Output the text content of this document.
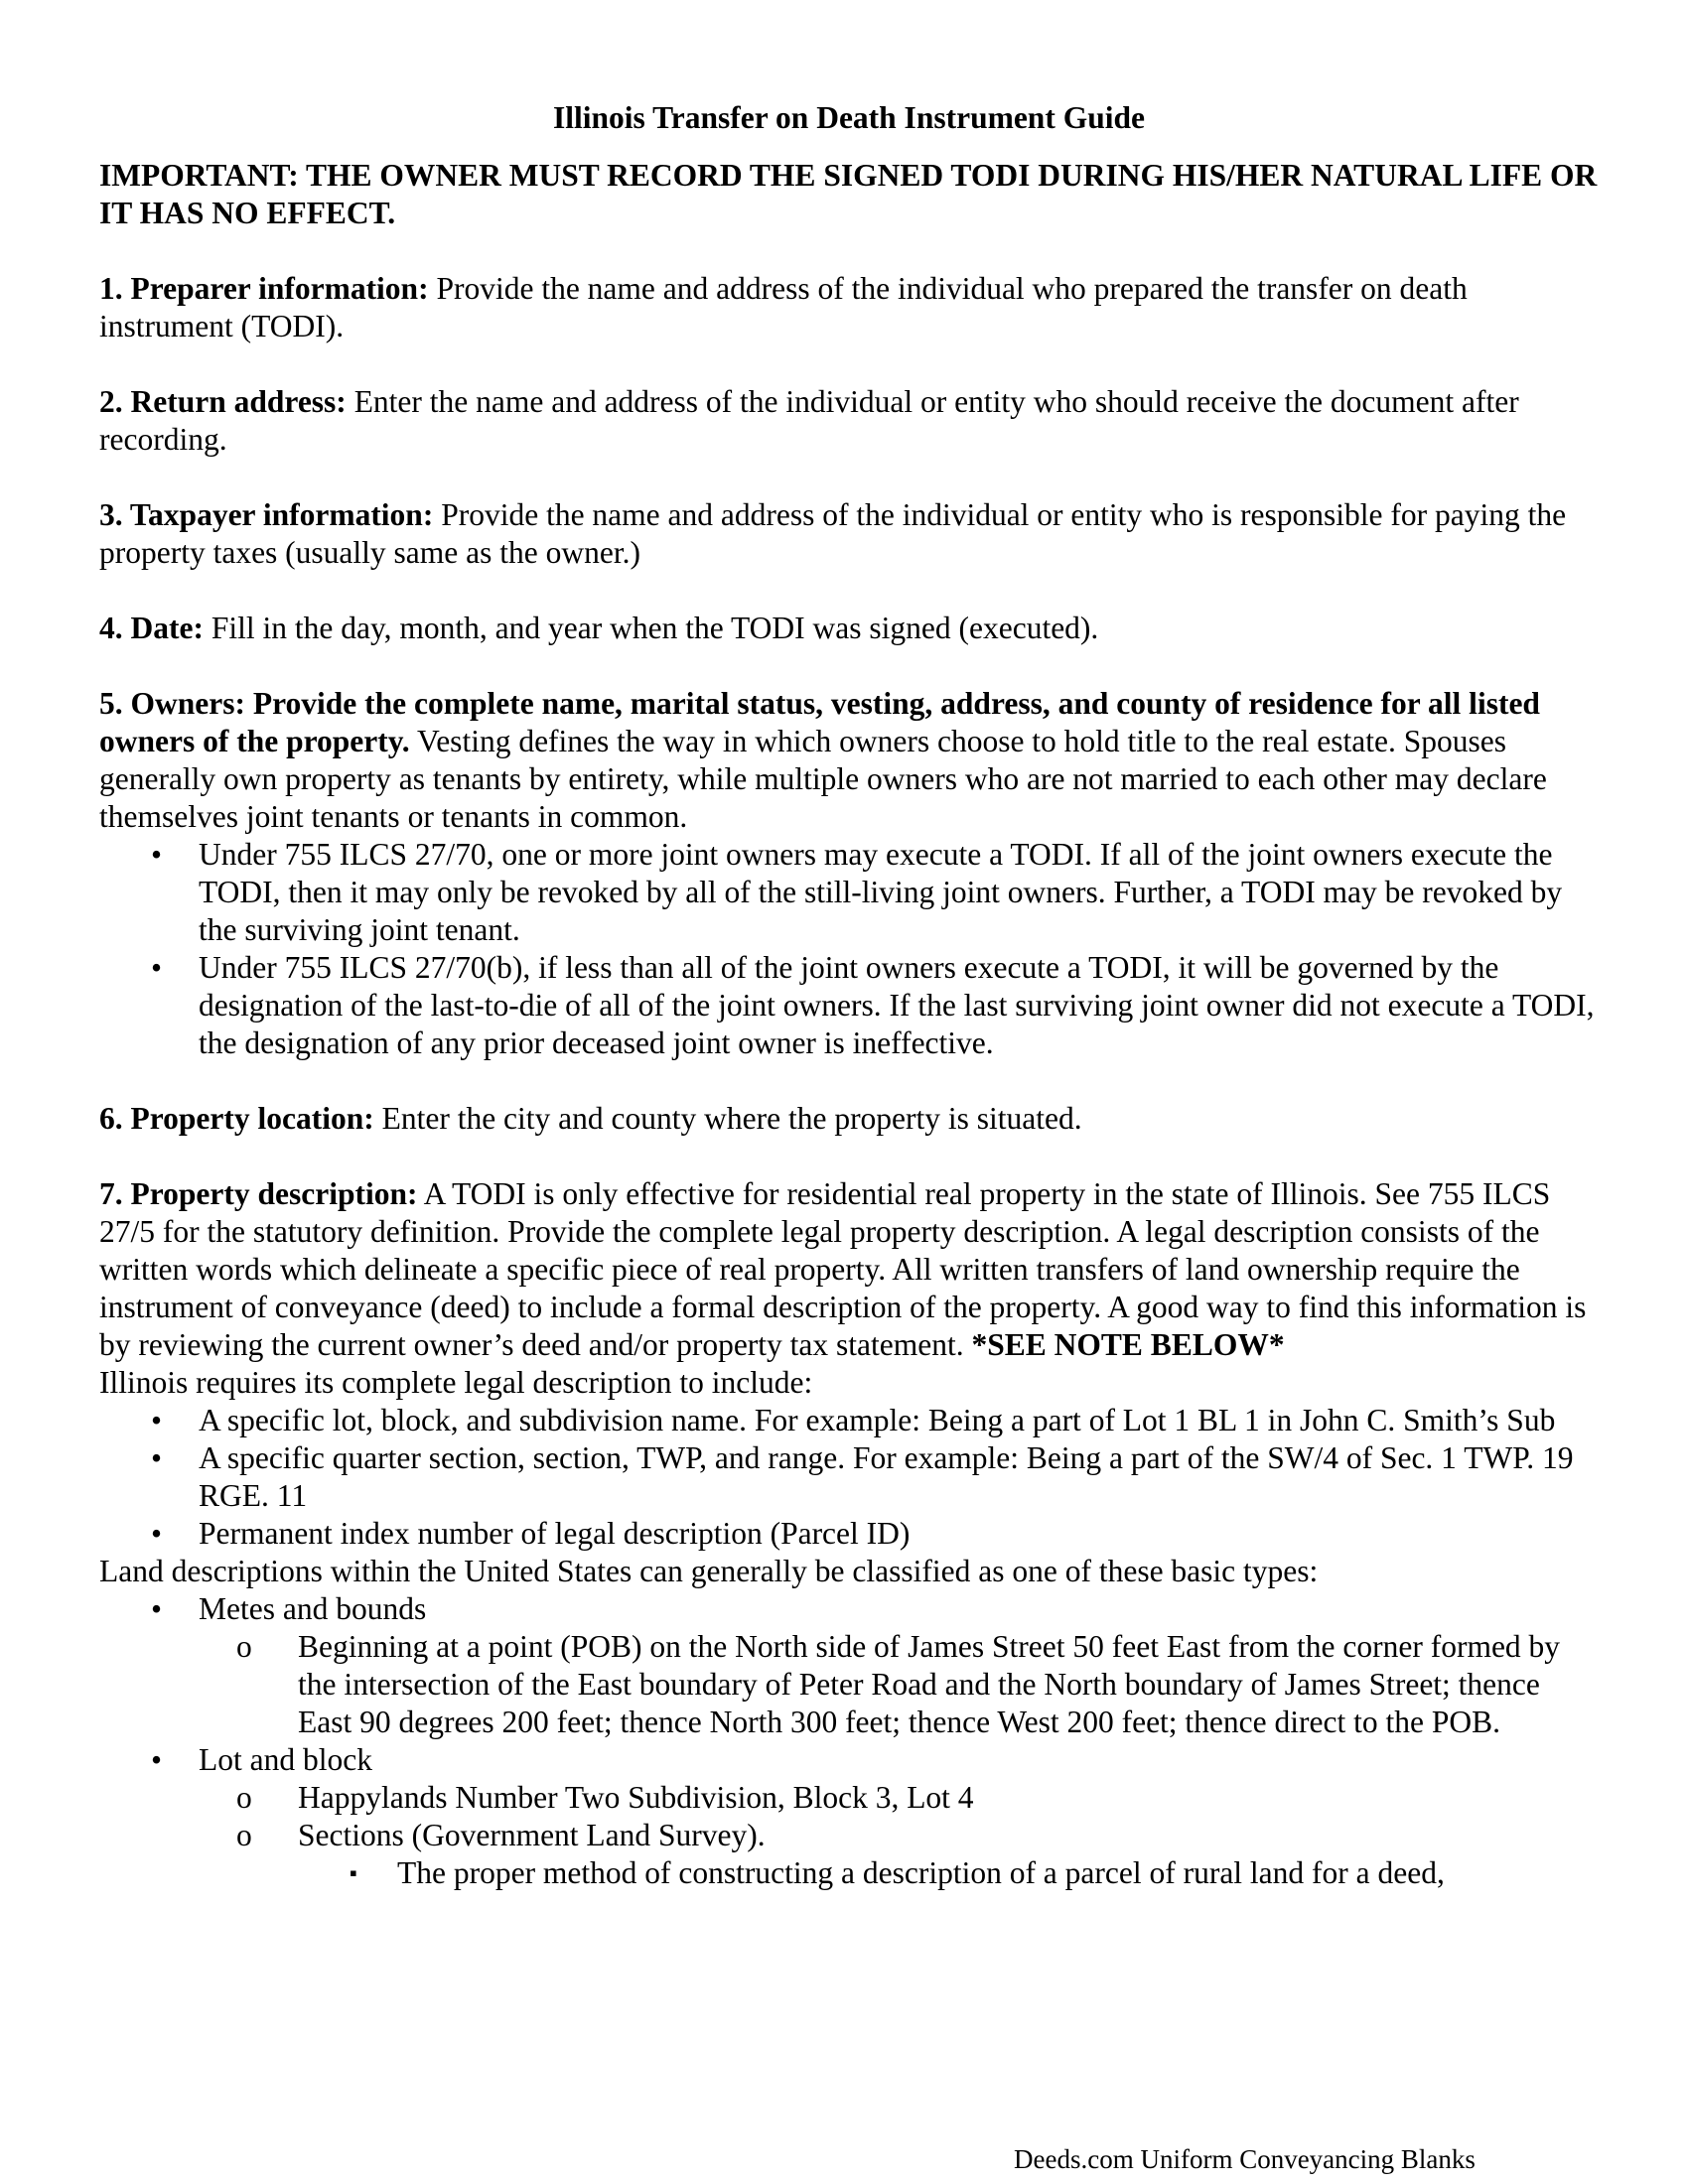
Illinois Transfer on Death Instrument Guide
IMPORTANT: THE OWNER MUST RECORD THE SIGNED TODI DURING HIS/HER NATURAL LIFE OR IT HAS NO EFFECT.

1. Preparer information: Provide the name and address of the individual who prepared the transfer on death instrument (TODI).

2. Return address: Enter the name and address of the individual or entity who should receive the document after recording.

3. Taxpayer information: Provide the name and address of the individual or entity who is responsible for paying the property taxes (usually same as the owner.)

4. Date: Fill in the day, month, and year when the TODI was signed (executed).

5. Owners: Provide the complete name, marital status, vesting, address, and county of residence for all listed owners of the property. Vesting defines the way in which owners choose to hold title to the real estate. Spouses generally own property as tenants by entirety, while multiple owners who are not married to each other may declare themselves joint tenants or tenants in common.
• Under 755 ILCS 27/70, one or more joint owners may execute a TODI. If all of the joint owners execute the TODI, then it may only be revoked by all of the still-living joint owners. Further, a TODI may be revoked by the surviving joint tenant.
• Under 755 ILCS 27/70(b), if less than all of the joint owners execute a TODI, it will be governed by the designation of the last-to-die of all of the joint owners. If the last surviving joint owner did not execute a TODI, the designation of any prior deceased joint owner is ineffective.

6. Property location: Enter the city and county where the property is situated.

7. Property description: A TODI is only effective for residential real property in the state of Illinois. See 755 ILCS 27/5 for the statutory definition. Provide the complete legal property description. A legal description consists of the written words which delineate a specific piece of real property. All written transfers of land ownership require the instrument of conveyance (deed) to include a formal description of the property. A good way to find this information is by reviewing the current owner’s deed and/or property tax statement. *SEE NOTE BELOW*
Illinois requires its complete legal description to include:
• A specific lot, block, and subdivision name. For example: Being a part of Lot 1 BL 1 in John C. Smith’s Sub
• A specific quarter section, section, TWP, and range. For example: Being a part of the SW/4 of Sec. 1 TWP. 19 RGE. 11
• Permanent index number of legal description (Parcel ID)
Land descriptions within the United States can generally be classified as one of these basic types:
• Metes and bounds
o Beginning at a point (POB) on the North side of James Street 50 feet East from the corner formed by the intersection of the East boundary of Peter Road and the North boundary of James Street; thence East 90 degrees 200 feet; thence North 300 feet; thence West 200 feet; thence direct to the POB.
• Lot and block
o Happylands Number Two Subdivision, Block 3, Lot 4
o Sections (Government Land Survey).
▪ The proper method of constructing a description of a parcel of rural land for a deed,
Deeds.com Uniform Conveyancing Blanks
